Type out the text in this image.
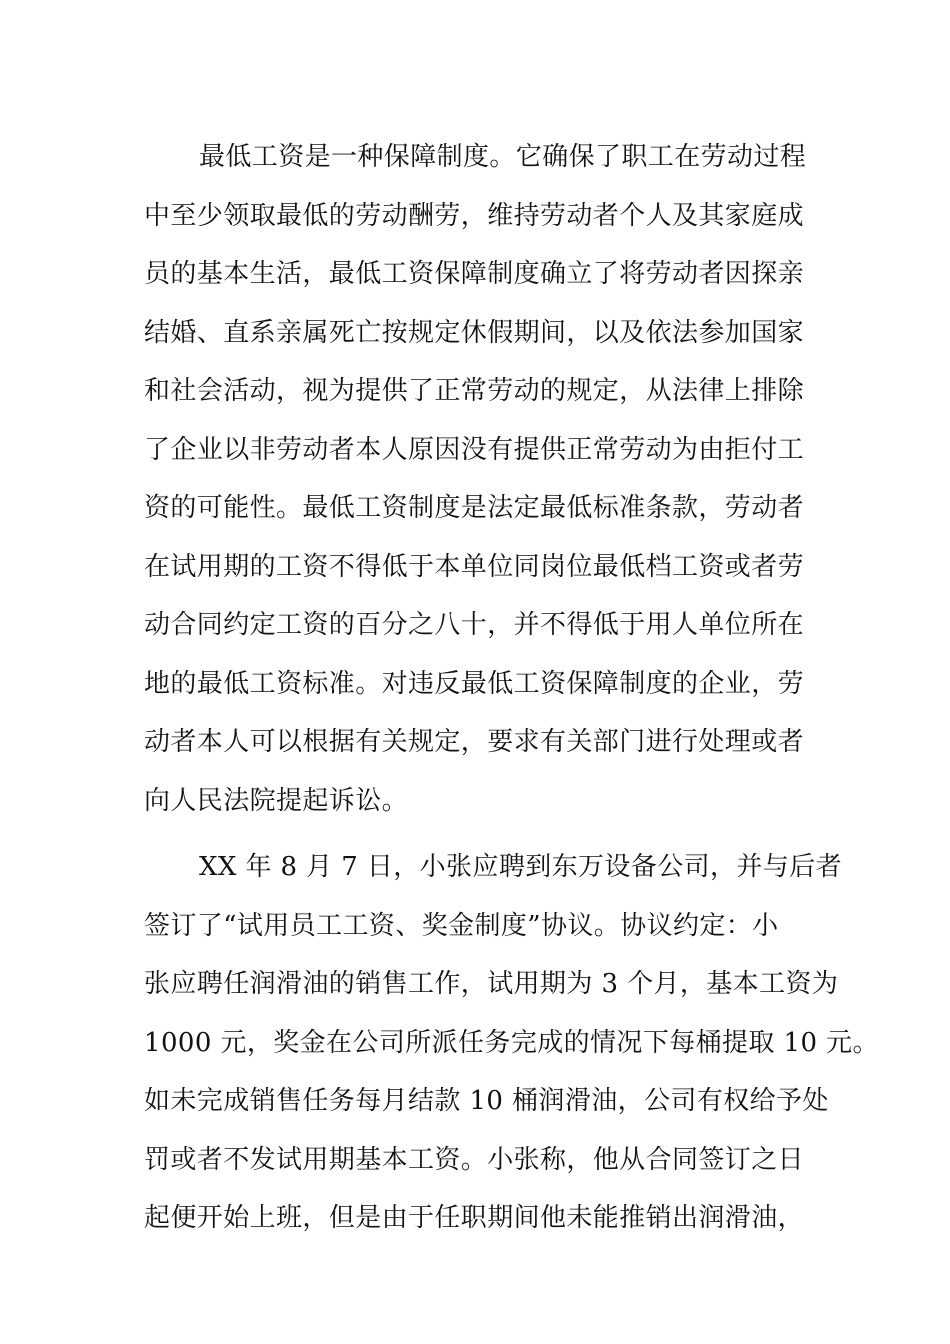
最低工资是一种保障制度。它确保了职工在劳动过程
中至少领取最低的劳动酬劳，维持劳动者个人及其家庭成
员的基本生活，最低工资保障制度确立了将劳动者因探亲
结婚、直系亲属死亡按规定休假期间，以及依法参加国家
和社会活动，视为提供了正常劳动的规定，从法律上排除
了企业以非劳动者本人原因没有提供正常劳动为由拒付工
资的可能性。最低工资制度是法定最低标准条款，劳动者
在试用期的工资不得低于本单位同岗位最低档工资或者劳
动合同约定工资的百分之八十，并不得低于用人单位所在
地的最低工资标准。对违反最低工资保障制度的企业，劳
动者本人可以根据有关规定，要求有关部门进行处理或者
向人民法院提起诉讼。
XX 年 8 月 7 日，小张应聘到东万设备公司，并与后者
签订了“试用员工工资、奖金制度”协议。协议约定：小
张应聘任润滑油的销售工作，试用期为 3 个月，基本工资为
1000 元，奖金在公司所派任务完成的情况下每桶提取 10 元。
如未完成销售任务每月结款 10 桶润滑油，公司有权给予处
罚或者不发试用期基本工资。小张称，他从合同签订之日
起便开始上班，但是由于任职期间他未能推销出润滑油，
